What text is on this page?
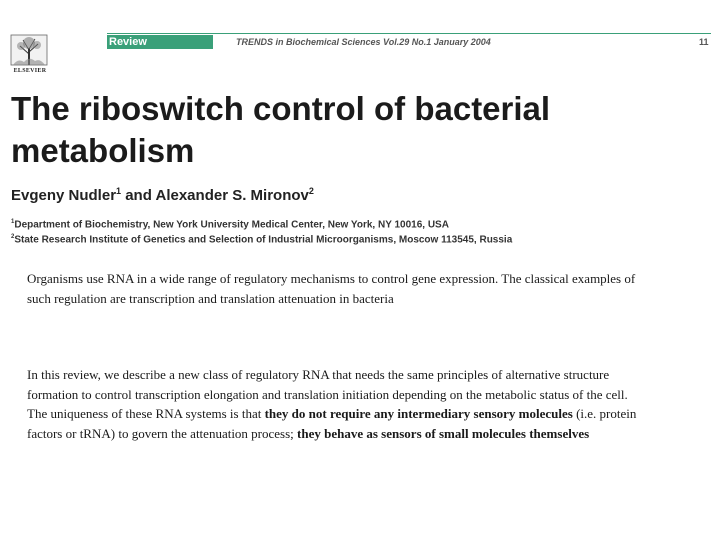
ELSEVIER
Review	TRENDS in Biochemical Sciences Vol.29 No.1 January 2004	11
The riboswitch control of bacterial
metabolism
Evgeny Nudler$^1$ and Alexander S. Mironov$^2$
$^1$Department of Biochemistry, New York University Medical Center, New York, NY 10016, USA
$^2$State Research Institute of Genetics and Selection of Industrial Microorganisms, Moscow 113545, Russia

Organisms use RNA in a wide range of regulatory mechanisms to control gene expression. The classical examples of such regulation are transcription and translation attenuation in bacteria

In this review, we describe a new class of regulatory RNA that needs the same principles of alternative structure formation to control transcription elongation and translation initiation depending on the metabolic status of the cell. The uniqueness of these RNA systems is that they do not require any intermediary sensory molecules (i.e. protein factors or tRNA) to govern the attenuation process; they behave as sensors of small molecules themselves
